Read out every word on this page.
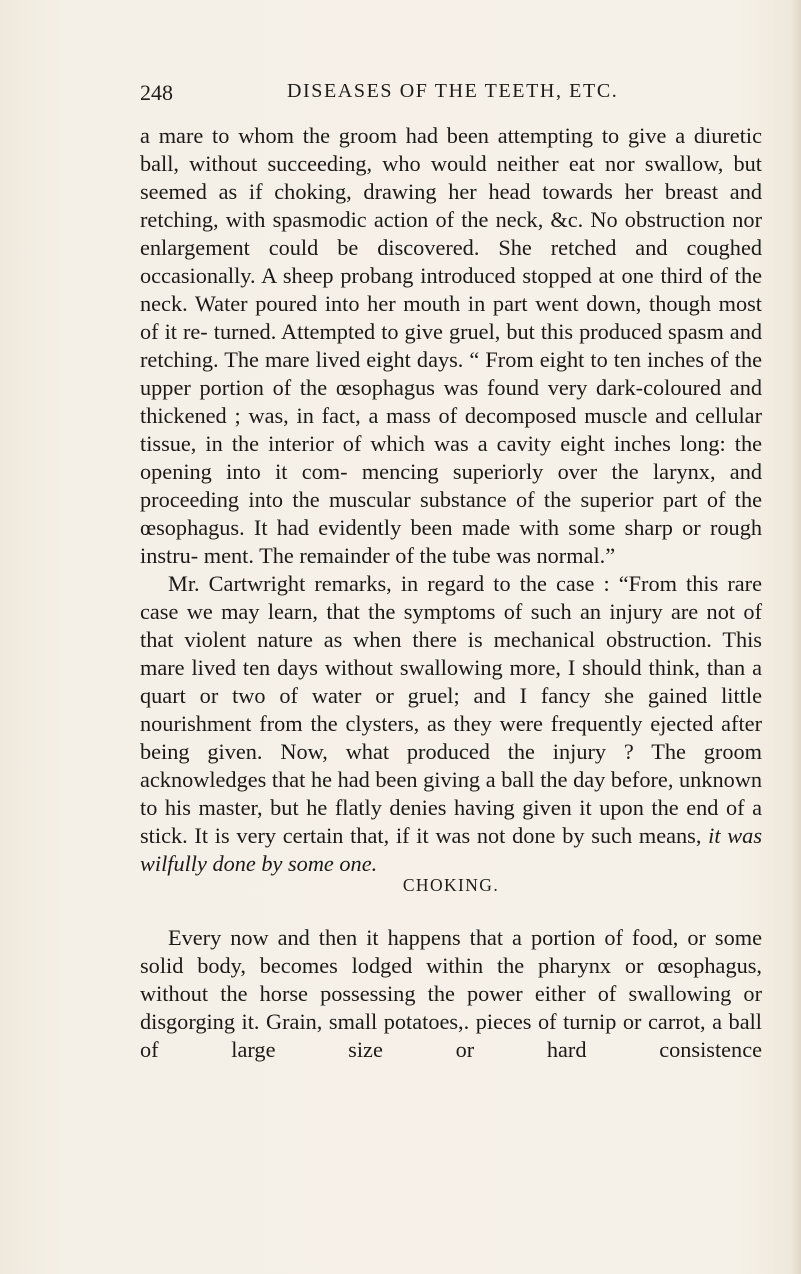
248	DISEASES OF THE TEETH, ETC.

a mare to whom the groom had been attempting to give a diuretic ball, without succeeding, who would neither eat nor swallow, but seemed as if choking, drawing her head towards her breast and retching, with spasmodic action of the neck, &c. No obstruction nor enlargement could be discovered. She retched and coughed occasionally. A sheep probang introduced stopped at one third of the neck. Water poured into her mouth in part went down, though most of it re- turned. Attempted to give gruel, but this produced spasm and retching. The mare lived eight days. “ From eight to ten inches of the upper portion of the œsophagus was found very dark-coloured and thickened ; was, in fact, a mass of decomposed muscle and cellular tissue, in the interior of which was a cavity eight inches long: the opening into it com- mencing superiorly over the larynx, and proceeding into the muscular substance of the superior part of the œsophagus. It had evidently been made with some sharp or rough instru- ment. The remainder of the tube was normal.”

Mr. Cartwright remarks, in regard to the case : “From this rare case we may learn, that the symptoms of such an injury are not of that violent nature as when there is mechanical obstruction. This mare lived ten days without swallowing more, I should think, than a quart or two of water or gruel; and I fancy she gained little nourishment from the clysters, as they were frequently ejected after being given. Now, what produced the injury ? The groom acknowledges that he had been giving a ball the day before, unknown to his master, but he flatly denies having given it upon the end of a stick. It is very certain that, if it was not done by such means, it was wilfully done by some one.

CHOKING.

Every now and then it happens that a portion of food, or some solid body, becomes lodged within the pharynx or œsophagus, without the horse possessing the power either of swallowing or disgorging it. Grain, small potatoes,. pieces of turnip or carrot, a ball of large size or hard consistence
